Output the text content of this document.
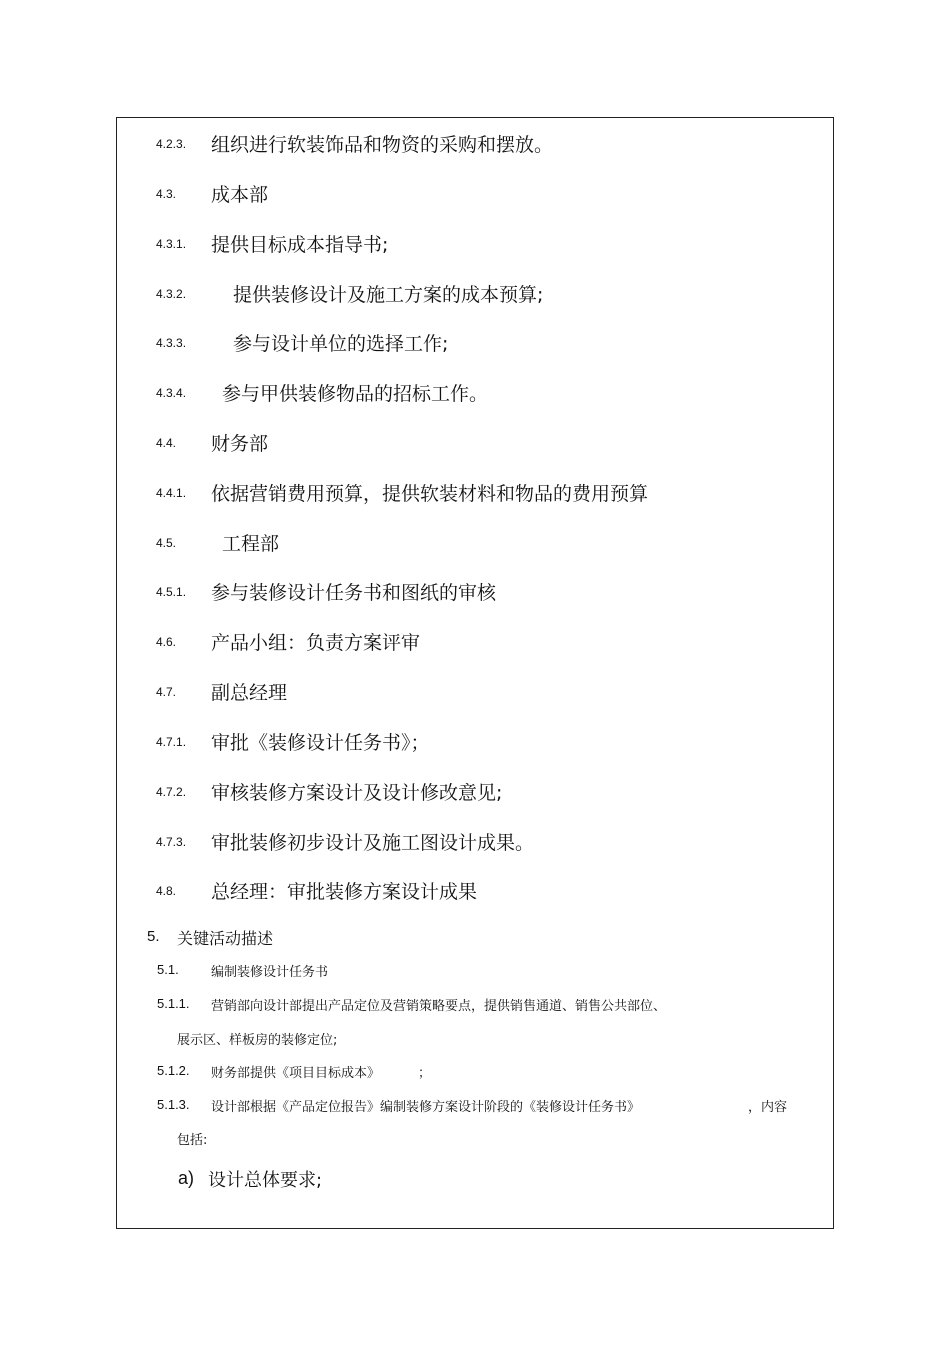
4.2.3. 组织进行软装饰品和物资的采购和摆放。
4.3. 成本部
4.3.1. 提供目标成本指导书;
4.3.2. 提供装修设计及施工方案的成本预算;
4.3.3. 参与设计单位的选择工作;
4.3.4. 参与甲供装修物品的招标工作。
4.4. 财务部
4.4.1. 依据营销费用预算，提供软装材料和物品的费用预算
4.5. 工程部
4.5.1. 参与装修设计任务书和图纸的审核
4.6. 产品小组：负责方案评审
4.7. 副总经理
4.7.1. 审批《装修设计任务书》；
4.7.2. 审核装修方案设计及设计修改意见;
4.7.3. 审批装修初步设计及施工图设计成果。
4.8. 总经理：审批装修方案设计成果
5. 关键活动描述
5.1. 编制装修设计任务书
5.1.1. 营销部向设计部提出产品定位及营销策略要点，提供销售通道、销售公共部位、
展示区、样板房的装修定位;
5.1.2. 财务部提供《项目目标成本》	；
5.1.3. 设计部根据《产品定位报告》编制装修方案设计阶段的《装修设计任务书》	，内容
包括:
a) 设计总体要求;
